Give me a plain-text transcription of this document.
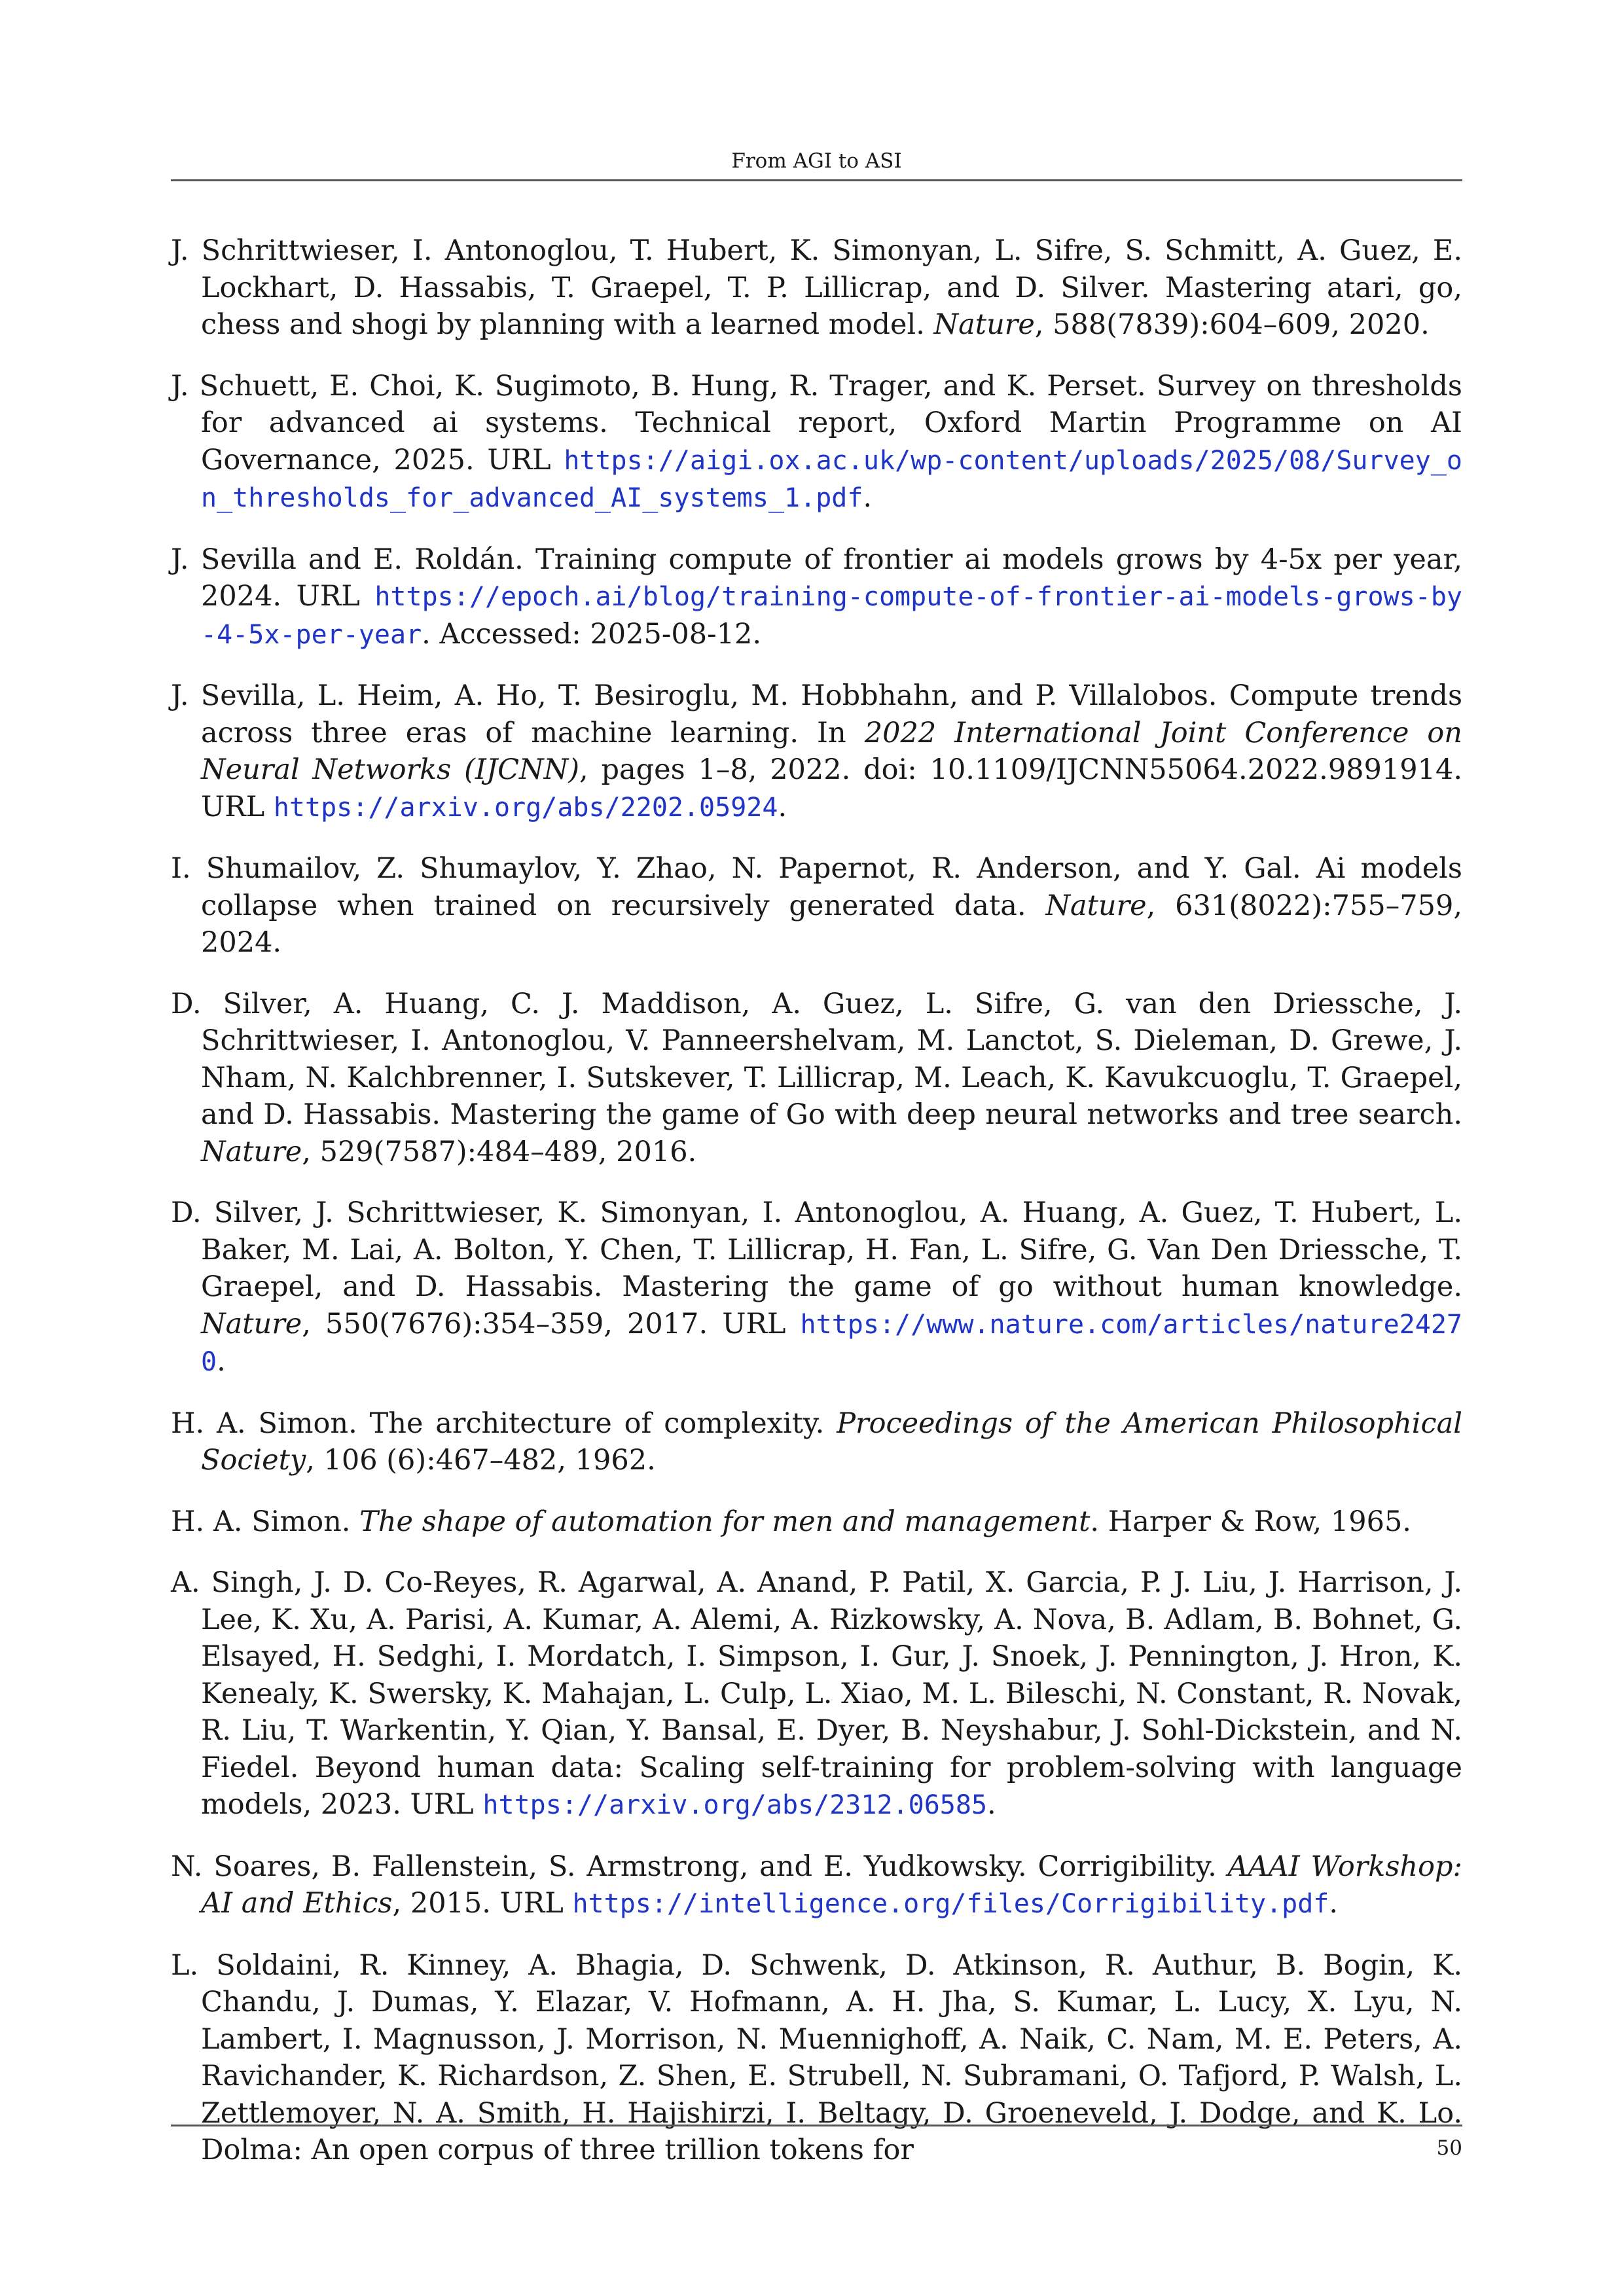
From AGI to ASI

J. Schrittwieser, I. Antonoglou, T. Hubert, K. Simonyan, L. Sifre, S. Schmitt, A. Guez, E. Lockhart, D. Hassabis, T. Graepel, T. P. Lillicrap, and D. Silver. Mastering atari, go, chess and shogi by planning with a learned model. Nature, 588(7839):604–609, 2020.

J. Schuett, E. Choi, K. Sugimoto, B. Hung, R. Trager, and K. Perset. Survey on thresholds for advanced ai systems. Technical report, Oxford Martin Programme on AI Governance, 2025. URL https://aigi.ox.ac.uk/wp-content/uploads/2025/08/Survey_on_thresholds_for_advanced_AI_systems_1.pdf.

J. Sevilla and E. Roldán. Training compute of frontier ai models grows by 4-5x per year, 2024. URL https://epoch.ai/blog/training-compute-of-frontier-ai-models-grows-by-4-5x-per-year. Accessed: 2025-08-12.

J. Sevilla, L. Heim, A. Ho, T. Besiroglu, M. Hobbhahn, and P. Villalobos. Compute trends across three eras of machine learning. In 2022 International Joint Conference on Neural Networks (IJCNN), pages 1–8, 2022. doi: 10.1109/IJCNN55064.2022.9891914. URL https://arxiv.org/abs/2202.05924.

I. Shumailov, Z. Shumaylov, Y. Zhao, N. Papernot, R. Anderson, and Y. Gal. Ai models collapse when trained on recursively generated data. Nature, 631(8022):755–759, 2024.

D. Silver, A. Huang, C. J. Maddison, A. Guez, L. Sifre, G. van den Driessche, J. Schrittwieser, I. Antonoglou, V. Panneershelvam, M. Lanctot, S. Dieleman, D. Grewe, J. Nham, N. Kalchbrenner, I. Sutskever, T. Lillicrap, M. Leach, K. Kavukcuoglu, T. Graepel, and D. Hassabis. Mastering the game of Go with deep neural networks and tree search. Nature, 529(7587):484–489, 2016.

D. Silver, J. Schrittwieser, K. Simonyan, I. Antonoglou, A. Huang, A. Guez, T. Hubert, L. Baker, M. Lai, A. Bolton, Y. Chen, T. Lillicrap, H. Fan, L. Sifre, G. Van Den Driessche, T. Graepel, and D. Hassabis. Mastering the game of go without human knowledge. Nature, 550(7676):354–359, 2017. URL https://www.nature.com/articles/nature24270.

H. A. Simon. The architecture of complexity. Proceedings of the American Philosophical Society, 106 (6):467–482, 1962.

H. A. Simon. The shape of automation for men and management. Harper & Row, 1965.

A. Singh, J. D. Co-Reyes, R. Agarwal, A. Anand, P. Patil, X. Garcia, P. J. Liu, J. Harrison, J. Lee, K. Xu, A. Parisi, A. Kumar, A. Alemi, A. Rizkowsky, A. Nova, B. Adlam, B. Bohnet, G. Elsayed, H. Sedghi, I. Mordatch, I. Simpson, I. Gur, J. Snoek, J. Pennington, J. Hron, K. Kenealy, K. Swersky, K. Mahajan, L. Culp, L. Xiao, M. L. Bileschi, N. Constant, R. Novak, R. Liu, T. Warkentin, Y. Qian, Y. Bansal, E. Dyer, B. Neyshabur, J. Sohl-Dickstein, and N. Fiedel. Beyond human data: Scaling self-training for problem-solving with language models, 2023. URL https://arxiv.org/abs/2312.06585.

N. Soares, B. Fallenstein, S. Armstrong, and E. Yudkowsky. Corrigibility. AAAI Workshop: AI and Ethics, 2015. URL https://intelligence.org/files/Corrigibility.pdf.

L. Soldaini, R. Kinney, A. Bhagia, D. Schwenk, D. Atkinson, R. Authur, B. Bogin, K. Chandu, J. Dumas, Y. Elazar, V. Hofmann, A. H. Jha, S. Kumar, L. Lucy, X. Lyu, N. Lambert, I. Magnusson, J. Morrison, N. Muennighoff, A. Naik, C. Nam, M. E. Peters, A. Ravichander, K. Richardson, Z. Shen, E. Strubell, N. Subramani, O. Tafjord, P. Walsh, L. Zettlemoyer, N. A. Smith, H. Hajishirzi, I. Beltagy, D. Groeneveld, J. Dodge, and K. Lo. Dolma: An open corpus of three trillion tokens for	50
